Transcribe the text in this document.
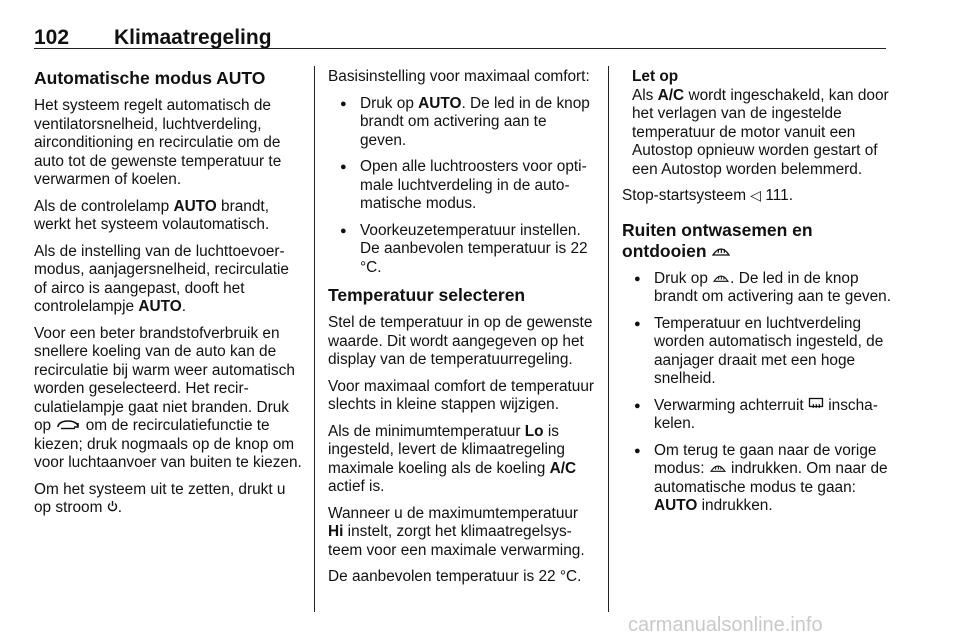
102 Klimaatregeling
Automatische modus AUTO

Het systeem regelt automatisch de ventilatorsnelheid, luchtverdeling, airconditioning en recirculatie om de auto tot de gewenste temperatuur te verwarmen of koelen.

Als de controlelamp AUTO brandt, werkt het systeem volautomatisch.

Als de instelling van de luchttoevoermodus, aanjagersnelheid, recirculatie of airco is aangepast, dooft het controlelampje AUTO.

Voor een beter brandstofverbruik en snellere koeling van de auto kan de recirculatie bij warm weer automatisch worden geselecteerd. Het recirculatielampje gaat niet branden. Druk op  om de recirculatiefunctie te kiezen; druk nogmaals op de knop om voor luchtaanvoer van buiten te kiezen.

Om het systeem uit te zetten, drukt u op stroom .

Basisinstelling voor maximaal comfort:

● Druk op AUTO. De led in de knop brandt om activering aan te geven.
● Open alle luchtroosters voor optimale luchtverdeling in de automatische modus.
● Voorkeuzetemperatuur instellen. De aanbevolen temperatuur is 22 °C.
Temperatuur selecteren

Stel de temperatuur in op de gewenste waarde. Dit wordt aangegeven op het display van de temperatuurregeling.

Voor maximaal comfort de temperatuur slechts in kleine stappen wijzigen.

Als de minimumtemperatuur Lo is ingesteld, levert de klimaatregeling maximale koeling als de koeling A/C actief is.

Wanneer u de maximumtemperatuur Hi instelt, zorgt het klimaatregelsysteem voor een maximale verwarming.

De aanbevolen temperatuur is 22 °C.

Let op
Als A/C wordt ingeschakeld, kan door het verlagen van de ingestelde temperatuur de motor vanuit een Autostop opnieuw worden gestart of een Autostop worden belemmerd.

Stop-startsysteem ◁ 111.

Ruiten ontwasemen en
ontdooien
● Druk op . De led in de knop brandt om activering aan te geven.
● Temperatuur en luchtverdeling worden automatisch ingesteld, de aanjager draait met een hoge snelheid.
● Verwarming achterruit  inschakelen.
● Om terug te gaan naar de vorige modus:  indrukken. Om naar de automatische modus te gaan: AUTO indrukken.
carmanualsonline.info
